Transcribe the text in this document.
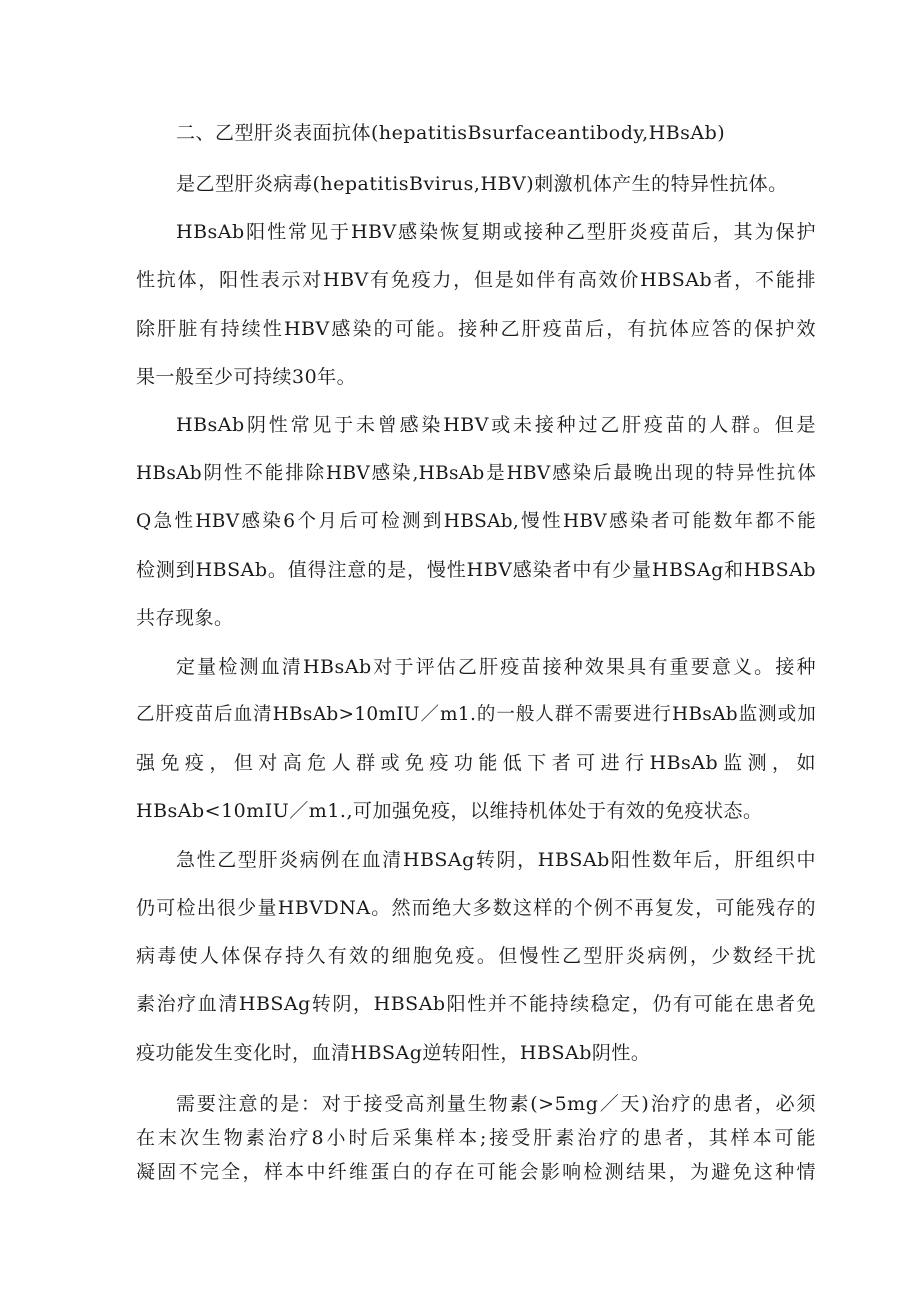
二、乙型肝炎表面抗体(hepatitisBsurfaceantibody,HBsAb)
是乙型肝炎病毒(hepatitisBvirus,HBV)刺激机体产生的特异性抗体。
HBsAb阳性常见于HBV感染恢复期或接种乙型肝炎疫苗后，其为保护
性抗体，阳性表示对HBV有免疫力，但是如伴有高效价HBSAb者，不能排
除肝脏有持续性HBV感染的可能。接种乙肝疫苗后，有抗体应答的保护效
果一般至少可持续30年。
HBsAb阴性常见于未曾感染HBV或未接种过乙肝疫苗的人群。但是
HBsAb阴性不能排除HBV感染,HBsAb是HBV感染后最晚出现的特异性抗体
Q急性HBV感染6个月后可检测到HBSAb,慢性HBV感染者可能数年都不能
检测到HBSAb。值得注意的是，慢性HBV感染者中有少量HBSAg和HBSAb
共存现象。
定量检测血清HBsAb对于评估乙肝疫苗接种效果具有重要意义。接种
乙肝疫苗后血清HBsAb>10mIU／m1.的一般人群不需要进行HBsAb监测或加
强免疫，但对高危人群或免疫功能低下者可进行HBsAb监测，如
HBsAb<10mIU／m1.,可加强免疫，以维持机体处于有效的免疫状态。
急性乙型肝炎病例在血清HBSAg转阴，HBSAb阳性数年后，肝组织中
仍可检出很少量HBVDNA。然而绝大多数这样的个例不再复发，可能残存的
病毒使人体保存持久有效的细胞免疫。但慢性乙型肝炎病例，少数经干扰
素治疗血清HBSAg转阴，HBSAb阳性并不能持续稳定，仍有可能在患者免
疫功能发生变化时，血清HBSAg逆转阳性，HBSAb阴性。
需要注意的是：对于接受高剂量生物素(>5mg／天)治疗的患者，必须
在末次生物素治疗8小时后采集样本;接受肝素治疗的患者，其样本可能
凝固不完全，样本中纤维蛋白的存在可能会影响检测结果，为避免这种情
